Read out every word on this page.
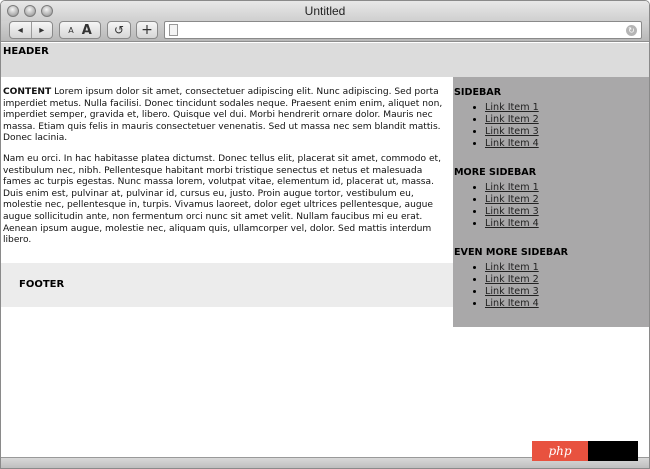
Untitled
◂	▸	A A ↺ +	↻
HEADER

CONTENT Lorem ipsum dolor sit amet, consectetuer adipiscing elit. Nunc adipiscing. Sed porta imperdiet metus. Nulla facilisi. Donec tincidunt sodales neque. Praesent enim enim, aliquet non, imperdiet semper, gravida et, libero. Quisque vel dui. Morbi hendrerit ornare dolor. Mauris nec massa. Etiam quis felis in mauris consectetuer venenatis. Sed ut massa nec sem blandit mattis. Donec lacinia.

Nam eu orci. In hac habitasse platea dictumst. Donec tellus elit, placerat sit amet, commodo et, vestibulum nec, nibh. Pellentesque habitant morbi tristique senectus et netus et malesuada fames ac turpis egestas. Nunc massa lorem, volutpat vitae, elementum id, placerat ut, massa. Duis enim est, pulvinar at, pulvinar id, cursus eu, justo. Proin augue tortor, vestibulum eu, molestie nec, pellentesque in, turpis. Vivamus laoreet, dolor eget ultrices pellentesque, augue augue sollicitudin ante, non fermentum orci nunc sit amet velit. Nullam faucibus mi eu erat. Aenean ipsum augue, molestie nec, aliquam quis, ullamcorper vel, dolor. Sed mattis interdum libero.

FOOTER
SIDEBAR
• Link Item 1
• Link Item 2
• Link Item 3
• Link Item 4
MORE SIDEBAR
• Link Item 1
• Link Item 2
• Link Item 3
• Link Item 4
EVEN MORE SIDEBAR
• Link Item 1
• Link Item 2
• Link Item 3
• Link Item 4
php
